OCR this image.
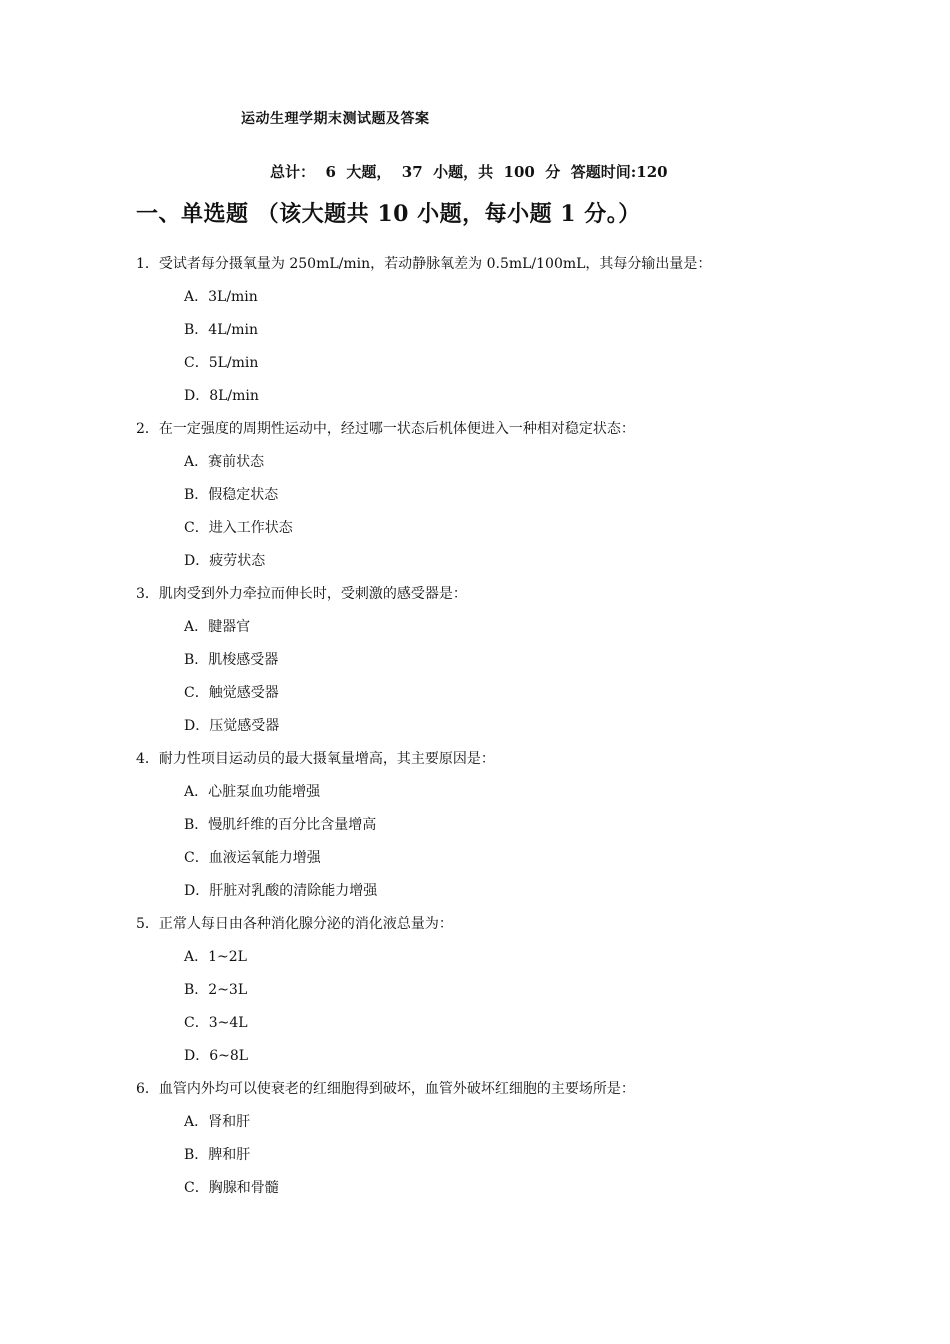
运动生理学期末测试题及答案
总计：  6  大题，  37  小题，共  100  分  答题时间:120
一、单选题 （该大题共 10 小题，每小题 1 分。）
1．受试者每分摄氧量为 250mL/min，若动静脉氧差为 0.5mL/100mL，其每分输出量是：
A．3L/min
B．4L/min
C．5L/min
D．8L/min
2．在一定强度的周期性运动中，经过哪一状态后机体便进入一种相对稳定状态：
A．赛前状态
B．假稳定状态
C．进入工作状态
D．疲劳状态
3．肌肉受到外力牵拉而伸长时，受刺激的感受器是：
A．腱器官
B．肌梭感受器
C．触觉感受器
D．压觉感受器
4．耐力性项目运动员的最大摄氧量增高，其主要原因是：
A．心脏泵血功能增强
B．慢肌纤维的百分比含量增高
C．血液运氧能力增强
D．肝脏对乳酸的清除能力增强
5．正常人每日由各种消化腺分泌的消化液总量为：
A．1~2L
B．2~3L
C．3~4L
D．6~8L
6．血管内外均可以使衰老的红细胞得到破坏，血管外破坏红细胞的主要场所是：
A．肾和肝
B．脾和肝
C．胸腺和骨髓
